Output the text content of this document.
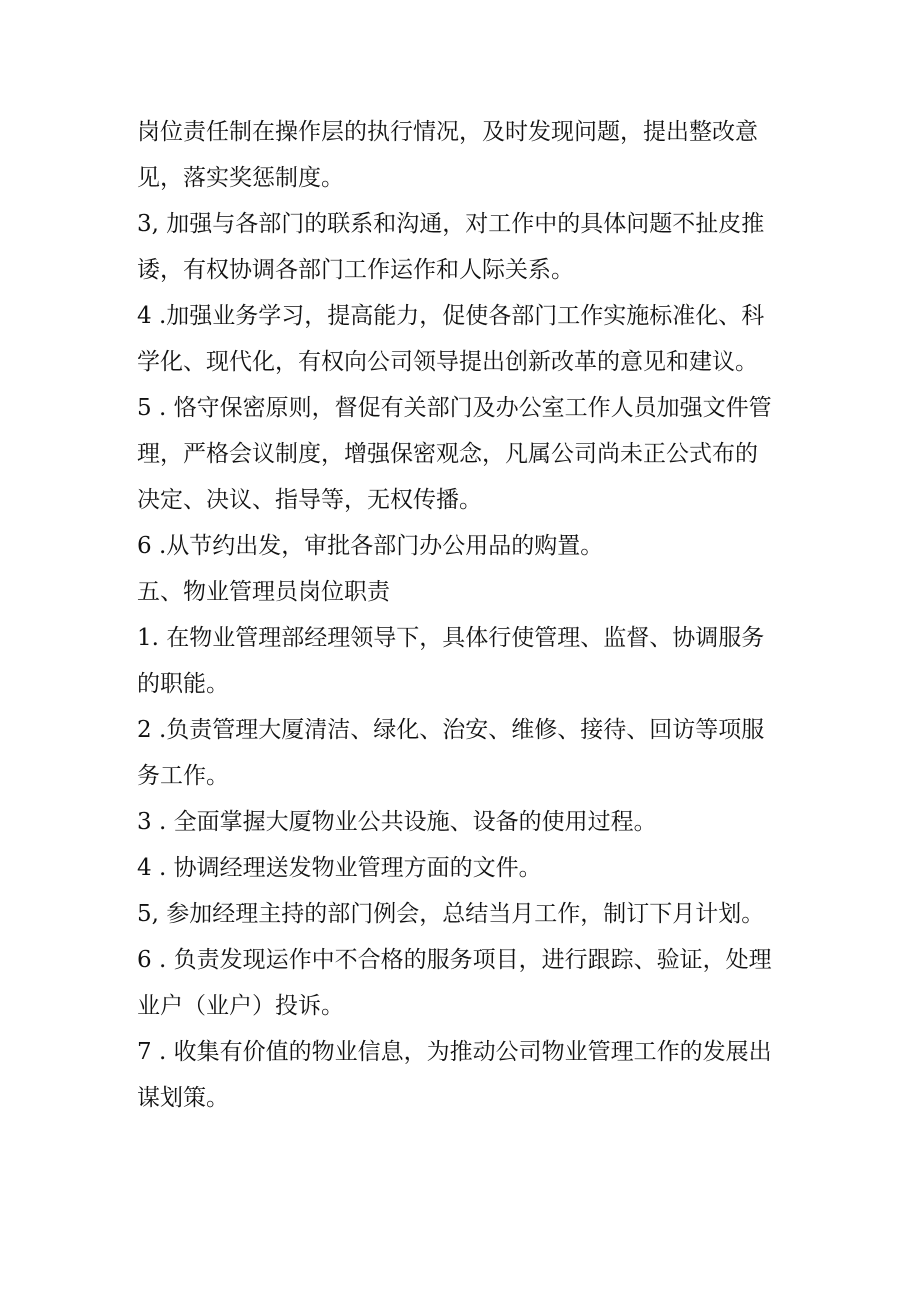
岗位责任制在操作层的执行情况，及时发现问题，提出整改意
见，落实奖惩制度。
3, 加强与各部门的联系和沟通，对工作中的具体问题不扯皮推
诿，有权协调各部门工作运作和人际关系。
4 .加强业务学习，提高能力，促使各部门工作实施标准化、科
学化、现代化，有权向公司领导提出创新改革的意见和建议。
5 . 恪守保密原则，督促有关部门及办公室工作人员加强文件管
理，严格会议制度，增强保密观念，凡属公司尚未正公式布的
决定、决议、指导等，无权传播。
6 .从节约出发，审批各部门办公用品的购置。
五、物业管理员岗位职责
1. 在物业管理部经理领导下，具体行使管理、监督、协调服务
的职能。
2 .负责管理大厦清洁、绿化、治安、维修、接待、回访等项服
务工作。
3 . 全面掌握大厦物业公共设施、设备的使用过程。
4 . 协调经理送发物业管理方面的文件。
5, 参加经理主持的部门例会，总结当月工作，制订下月计划。
6 . 负责发现运作中不合格的服务项目，进行跟踪、验证，处理
业户（业户）投诉。
7 . 收集有价值的物业信息，为推动公司物业管理工作的发展出
谋划策。
